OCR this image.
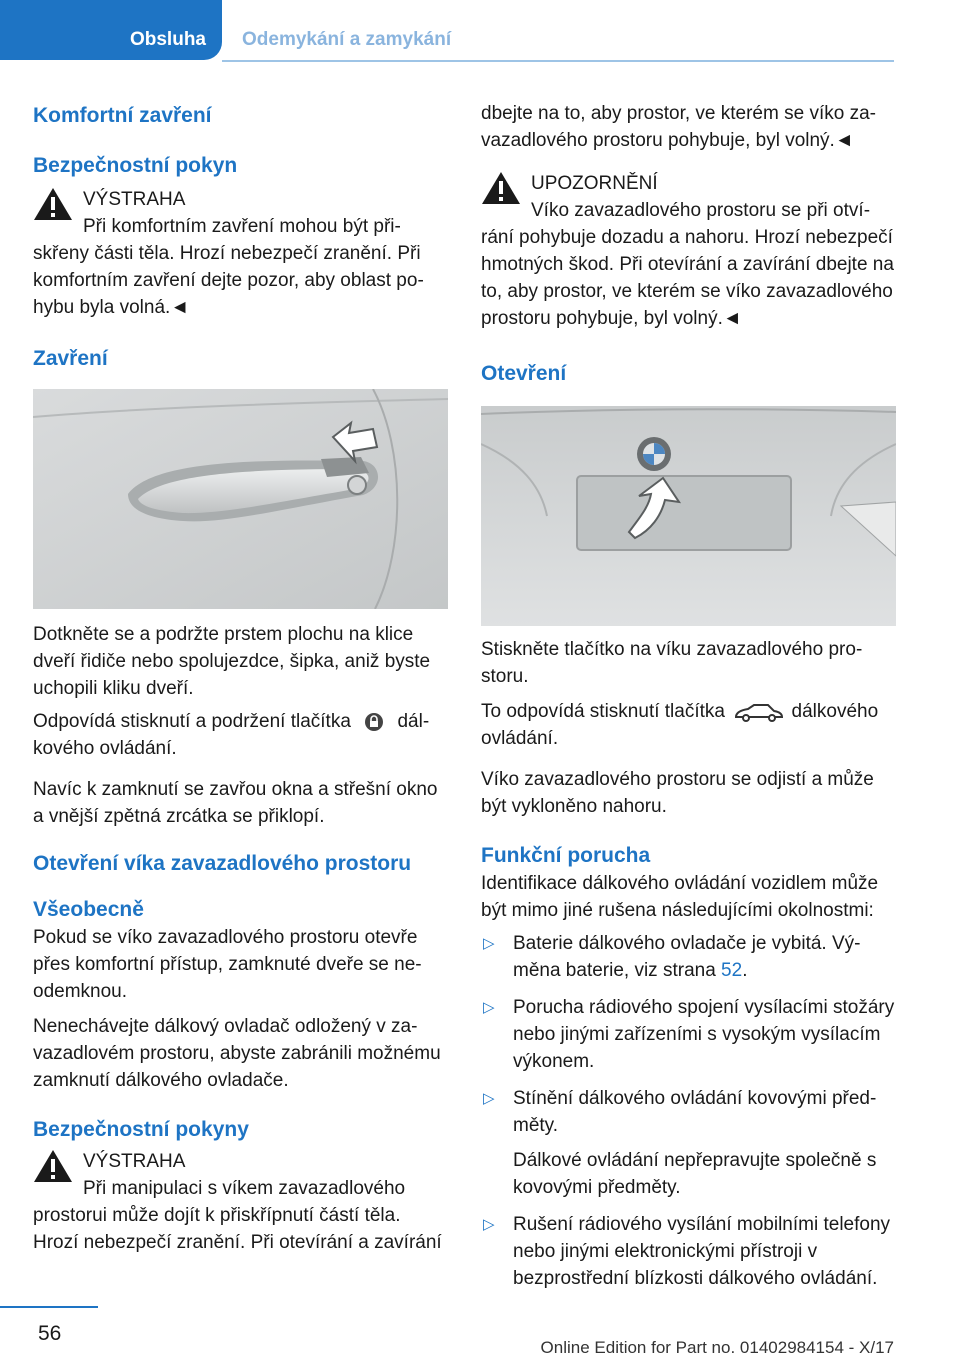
Obsluha Odemykání a zamykání
Komfortní zavření
Bezpečnostní pokyn
VÝSTRAHA

Při komfortním zavření mohou být přiskřeny části těla. Hrozí nebezpečí zranění. Při komfortním zavření dejte pozor, aby oblast pohybu byla volná.◄

Zavření

Dotkněte se a podržte prstem plochu na klice dveří řidiče nebo spolujezdce, šipka, aniž byste uchopili kliku dveří.

Odpovídá stisknutí a podržení tlačítka dálkového ovládání.

Navíc k zamknutí se zavřou okna a střešní okno a vnější zpětná zrcátka se přiklopí.

Otevření víka zavazadlového prostoru
Všeobecně

Pokud se víko zavazadlového prostoru otevře přes komfortní přístup, zamknuté dveře se neodemknou.

Nenechávejte dálkový ovladač odložený v zavazadlovém prostoru, abyste zabránili možnému zamknutí dálkového ovladače.

Bezpečnostní pokyny
VÝSTRAHA

Při manipulaci s víkem zavazadlového prostorui může dojít k přiskřípnutí částí těla. Hrozí nebezpečí zranění. Při otevírání a zavírání

dbejte na to, aby prostor, ve kterém se víko zavazadlového prostoru pohybuje, byl volný.◄

UPOZORNĚNÍ

Víko zavazadlového prostoru se při otvírání pohybuje dozadu a nahoru. Hrozí nebezpečí hmotných škod. Při otevírání a zavírání dbejte na to, aby prostor, ve kterém se víko zavazadlového prostoru pohybuje, byl volný.◄

Otevření

Stiskněte tlačítko na víku zavazadlového prostoru.

To odpovídá stisknutí tlačítka	dálkového ovládání.

Víko zavazadlového prostoru se odjistí a může být vykloněno nahoru.

Funkční porucha

Identifikace dálkového ovládání vozidlem může být mimo jiné rušena následujícími okolnostmi:

▷ Baterie dálkového ovladače je vybitá. Výměna baterie, viz strana 52.
▷ Porucha rádiového spojení vysílacími stožáry nebo jinými zařízeními s vysokým vysílacím výkonem.
▷ Stínění dálkového ovládání kovovými předměty.

Dálkové ovládání nepřepravujte společně s kovovými předměty.

▷ Rušení rádiového vysílání mobilními telefony nebo jinými elektronickými přístroji v bezprostřední blízkosti dálkového ovládání.
56
Online Edition for Part no. 01402984154 - X/17
